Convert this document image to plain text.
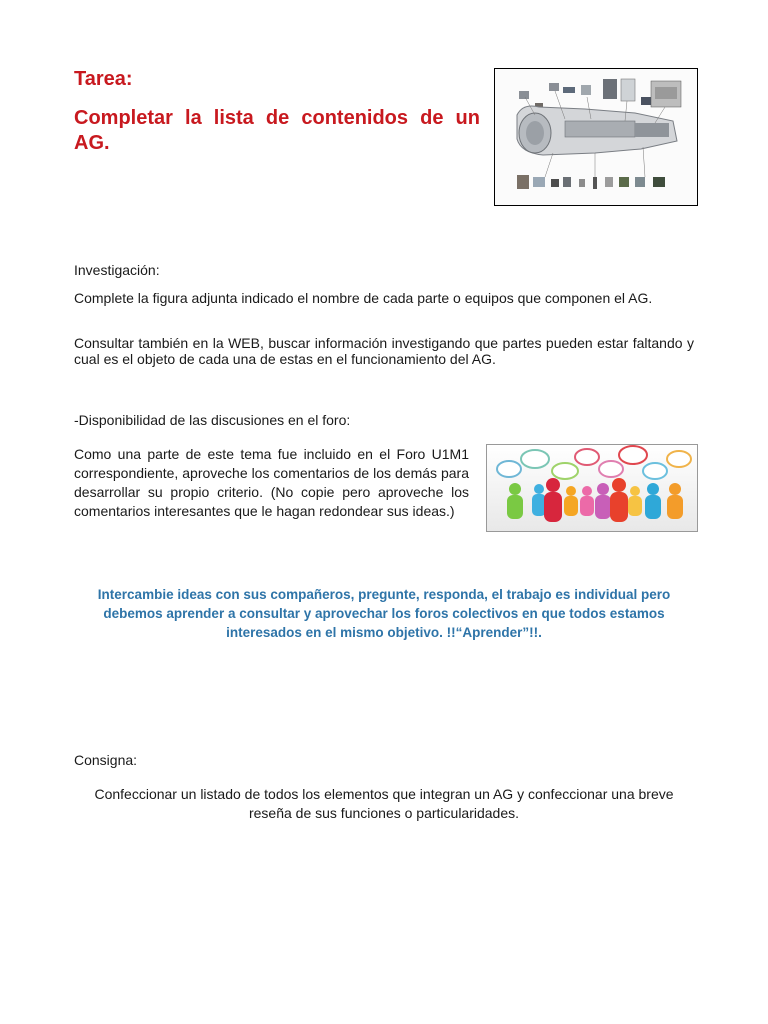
Tarea:
Completar la lista de contenidos de un AG.
Investigación:
Complete la figura adjunta indicado el nombre de cada parte o equipos que componen el AG.
Consultar también en la WEB, buscar información investigando que partes pueden estar faltando y cual es el objeto de cada una de estas en el funcionamiento del AG.
-Disponibilidad de las discusiones en el foro:
Como una parte de este tema fue incluido en el Foro U1M1 correspondiente, aproveche los comentarios de los demás para desarrollar su propio criterio. (No copie pero aproveche los comentarios interesantes que le hagan redondear sus ideas.)
Intercambie ideas con sus compañeros, pregunte, responda, el trabajo es individual pero debemos aprender a consultar y aprovechar los foros colectivos en que todos estamos interesados en el mismo objetivo. !!“Aprender”!!.
Consigna:
Confeccionar un listado de todos los elementos que integran un AG y confeccionar una breve reseña de sus funciones o particularidades.
